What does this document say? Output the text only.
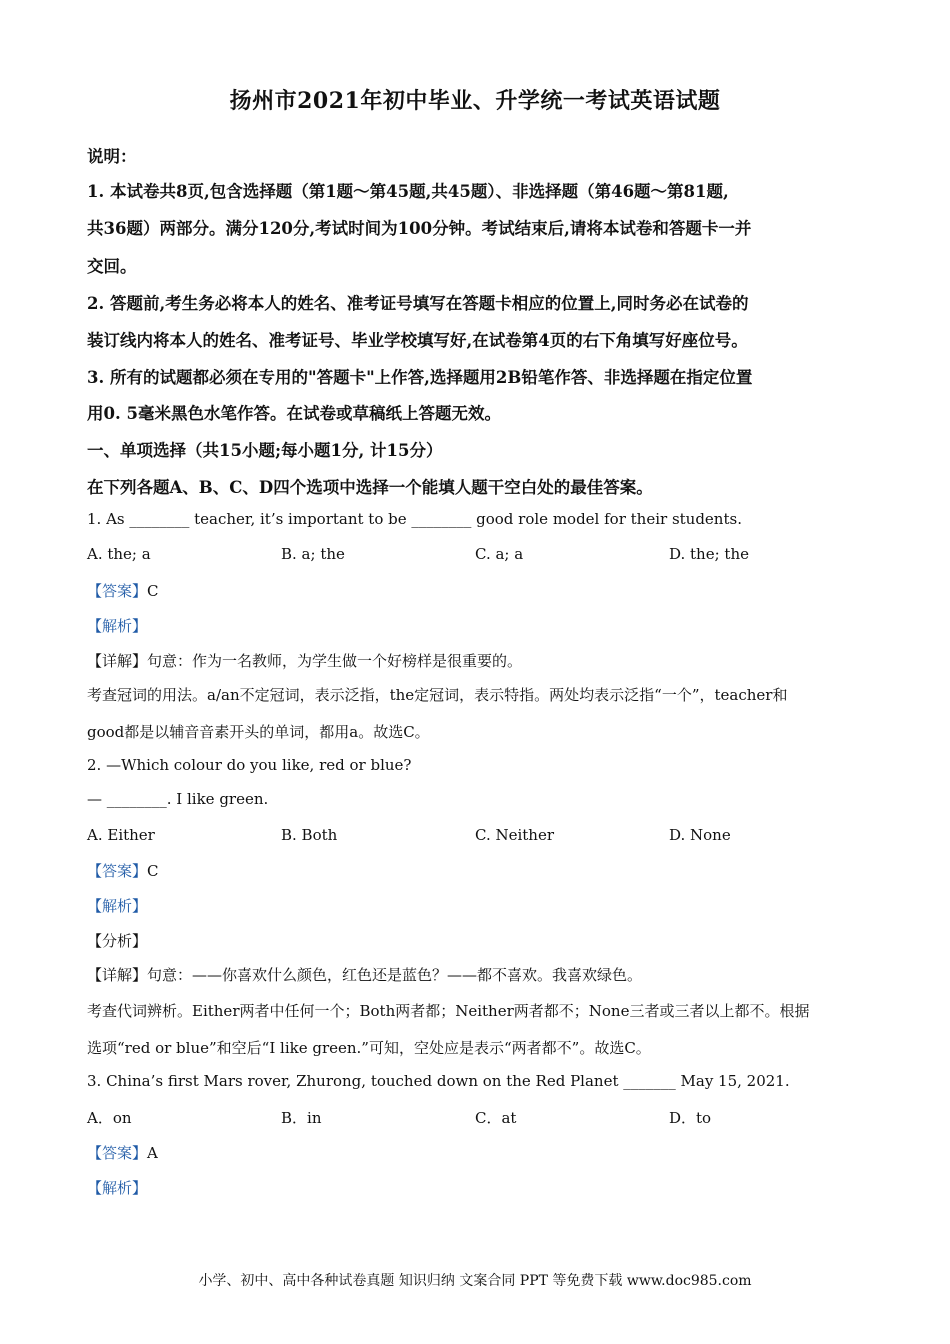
扬州市2021年初中毕业、升学统一考试英语试题
说明：
1. 本试卷共8页,包含选择题（第1题～第45题,共45题）、非选择题（第46题～第81题,
共36题）两部分。满分120分,考试时间为100分钟。考试结束后,请将本试卷和答题卡一并
交回。
2. 答题前,考生务必将本人的姓名、准考证号填写在答题卡相应的位置上,同时务必在试卷的
装订线内将本人的姓名、准考证号、毕业学校填写好,在试卷第4页的右下角填写好座位号。
3. 所有的试题都必须在专用的"答题卡"上作答,选择题用2B铅笔作答、非选择题在指定位置
用0. 5毫米黑色水笔作答。在试卷或草稿纸上答题无效。
一、单项选择（共15小题;每小题1分, 计15分）
在下列各题A、B、C、D四个选项中选择一个能填人题干空白处的最佳答案。
1. As ________ teacher, it’s important to be ________ good role model for their students.
A. the; a	B. a; the	C. a; a	D. the; the
【答案】C
【解析】
【详解】句意：作为一名教师，为学生做一个好榜样是很重要的。
考查冠词的用法。a/an不定冠词，表示泛指，the定冠词，表示特指。两处均表示泛指“一个”，teacher和
good都是以辅音音素开头的单词，都用a。故选C。
2. —Which colour do you like, red or blue?
— ________. I like green.
A. Either	B. Both	C. Neither	D. None
【答案】C
【解析】
【分析】
【详解】句意：——你喜欢什么颜色，红色还是蓝色？——都不喜欢。我喜欢绿色。
考查代词辨析。Either两者中任何一个；Both两者都；Neither两者都不；None三者或三者以上都不。根据
选项“red or blue”和空后“I like green.”可知，空处应是表示“两者都不”。故选C。
3. China’s first Mars rover, Zhurong, touched down on the Red Planet _______ May 15, 2021.
A．on	B．in	C．at	D．to
【答案】A
【解析】
小学、初中、高中各种试卷真题 知识归纳 文案合同 PPT 等免费下载 www.doc985.com
